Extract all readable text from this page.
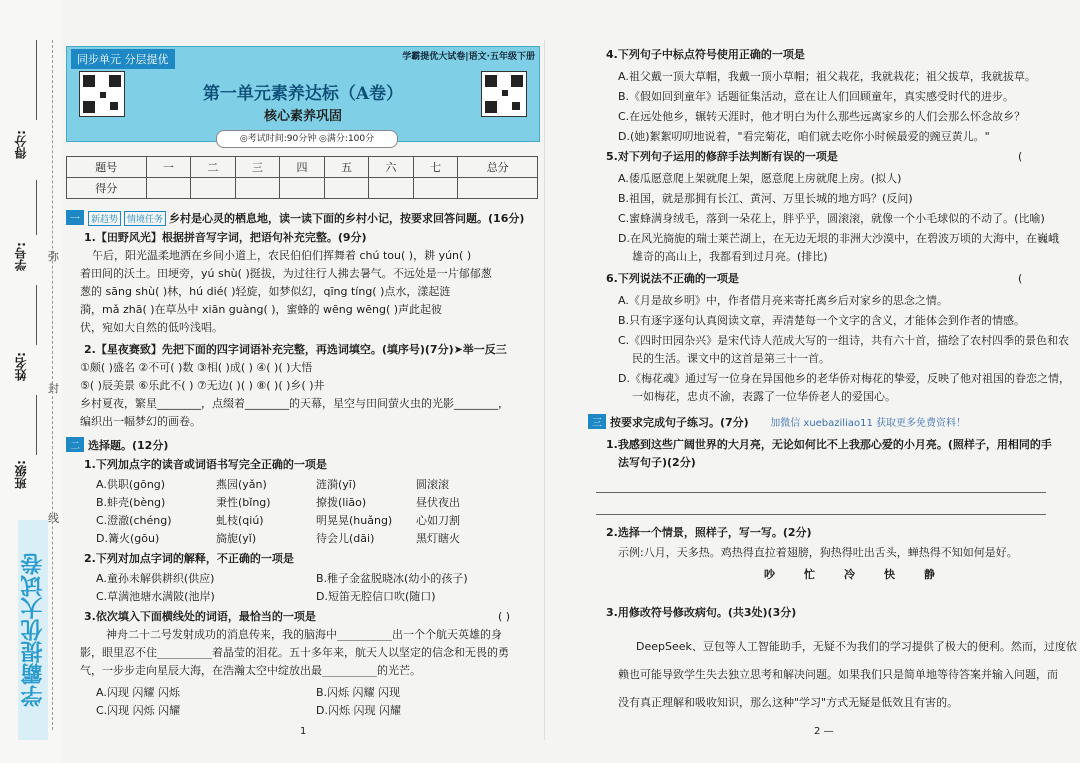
得分:
学号:
姓名:
班级:
弥
封
线
学霸提优大试卷
同步单元 分层提优	学霸提优大试卷|语文·五年级下册
第一单元素养达标（A卷）
核心素养巩固
◎考试时间:90分钟 ◎满分:100分
题号	一	二	三	四	五	六	七	总分
得分								
一 新趋势 情境任务 乡村是心灵的栖息地，读一读下面的乡村小记，按要求回答问题。(16分)
1.【田野风光】根据拼音写字词，把语句补充完整。(9分)
午后，阳光温柔地洒在乡间小道上，农民伯伯们挥舞着 chú tou( )，耕 yún( )
着田间的沃土。田埂旁，yú shù( )挺拔，为过往行人拂去暑气。不远处是一片郁郁葱
葱的 sāng shù( )林，hú dié( )轻旋，如梦似幻，qīng tíng( )点水，漾起涟
漪，mǎ zhā( )在草丛中 xiān guàng( )，蜜蜂的 wēng wēng( )声此起彼
伏，宛如大自然的低吟浅唱。
2.【星夜赛致】先把下面的四字词语补充完整，再选词填空。(填序号)(7分)➤举一反三
①颇( )盛名 ②不可( )数 ③相( )成( ) ④( )( )大悟
⑤( )辰美景 ⑥乐此不( ) ⑦无边( )( ) ⑧( )( )乡( )井
乡村夏夜，繁星________，点缀着________的天幕，星空与田间萤火虫的光影________，
编织出一幅梦幻的画卷。
二 选择题。(12分)
1.下列加点字的读音或词语书写完全正确的一项是
A.供职(gōng)	燕园(yǎn)	涟漪(yī)	圆滚滚
B.蚌壳(bèng)	秉性(bǐng)	撩拨(liāo)	昼伏夜出
C.澄澈(chéng)	虬枝(qiú)	明晃晃(huǎng) 心如刀割
D.篝火(gōu)	旖旎(yǐ)	待会儿(dāi)	黑灯瞎火
2.下列对加点字词的解释，不正确的一项是
A.童孙未解供耕织(供应)	B.稚子金盆脱晓冰(幼小的孩子)
C.草满池塘水满陂(池岸)	D.短笛无腔信口吹(随口)
3.依次填入下面横线处的词语，最恰当的一项是	( )
神舟二十二号发射成功的消息传来，我的脑海中__________出一个个航天英雄的身
影，眼里忍不住__________着晶莹的泪花。五十多年来，航天人以坚定的信念和无畏的勇
气，一步步走向星辰大海，在浩瀚太空中绽放出最__________的光芒。
A.闪现 闪耀 闪烁	B.闪烁 闪耀 闪现
C.闪现 闪烁 闪耀	D.闪烁 闪现 闪耀
1
4.下列句子中标点符号使用正确的一项是
A.祖父戴一顶大草帽，我戴一顶小草帽；祖父栽花，我就栽花；祖父拔草，我就拔草。
B.《假如回到童年》话题征集活动，意在让人们回顾童年，真实感受时代的进步。
C.在远处他乡，辗转天涯时，他才明白为什么那些远离家乡的人们会那么怀念故乡？
D.(她)絮絮叨叨地说着，"看完菊花，咱们就去吃你小时候最爱的豌豆黄儿。"
5.对下列句子运用的修辞手法判断有误的一项是	(
A.倭瓜愿意爬上架就爬上架，愿意爬上房就爬上房。(拟人)
B.祖国，就是那拥有长江、黄河、万里长城的地方吗？(反问)
C.蜜蜂满身绒毛，落到一朵花上，胖乎乎，圆滚滚，就像一个小毛球似的不动了。(比喻)
D.在风光旖旎的瑞士莱芒湖上，在无边无垠的非洲大沙漠中，在碧波万顷的大海中，在巍峨
雄奇的高山上，我都看到过月亮。(排比)
6.下列说法不正确的一项是	(
A.《月是故乡明》中，作者借月亮来寄托离乡后对家乡的思念之情。
B.只有逐字逐句认真阅读文章，弄清楚每一个文字的含义，才能体会到作者的情感。
C.《四时田园杂兴》是宋代诗人范成大写的一组诗，共有六十首，描绘了农村四季的景色和农
民的生活。课文中的这首是第三十一首。
D.《梅花魂》通过写一位身在异国他乡的老华侨对梅花的挚爱，反映了他对祖国的眷恋之情，
一如梅花，忠贞不渝，表露了一位华侨老人的爱国心。
三 按要求完成句子练习。(7分) 加微信 xuebaziliao11 获取更多免费资料！
1.我感到这些广阔世界的大月亮，无论如何比不上我那心爱的小月亮。(照样子，用相同的手
法写句子)(2分)
2.选择一个情景，照样子，写一写。(2分)
示例:八月，天多热。鸡热得直拉着翅膀，狗热得吐出舌头，蝉热得不知如何是好。
吵	忙	冷	快	静
3.用修改符号修改病句。(共3处)(3分)
DeepSeek、豆包等人工智能助手，无疑不为我们的学习提供了极大的便利。然而，过度依
赖也可能导致学生失去独立思考和解决问题。如果我们只是简单地等待答案并输入问题，而
没有真正理解和吸收知识，那么这种"学习"方式无疑是低效且有害的。
2 —
